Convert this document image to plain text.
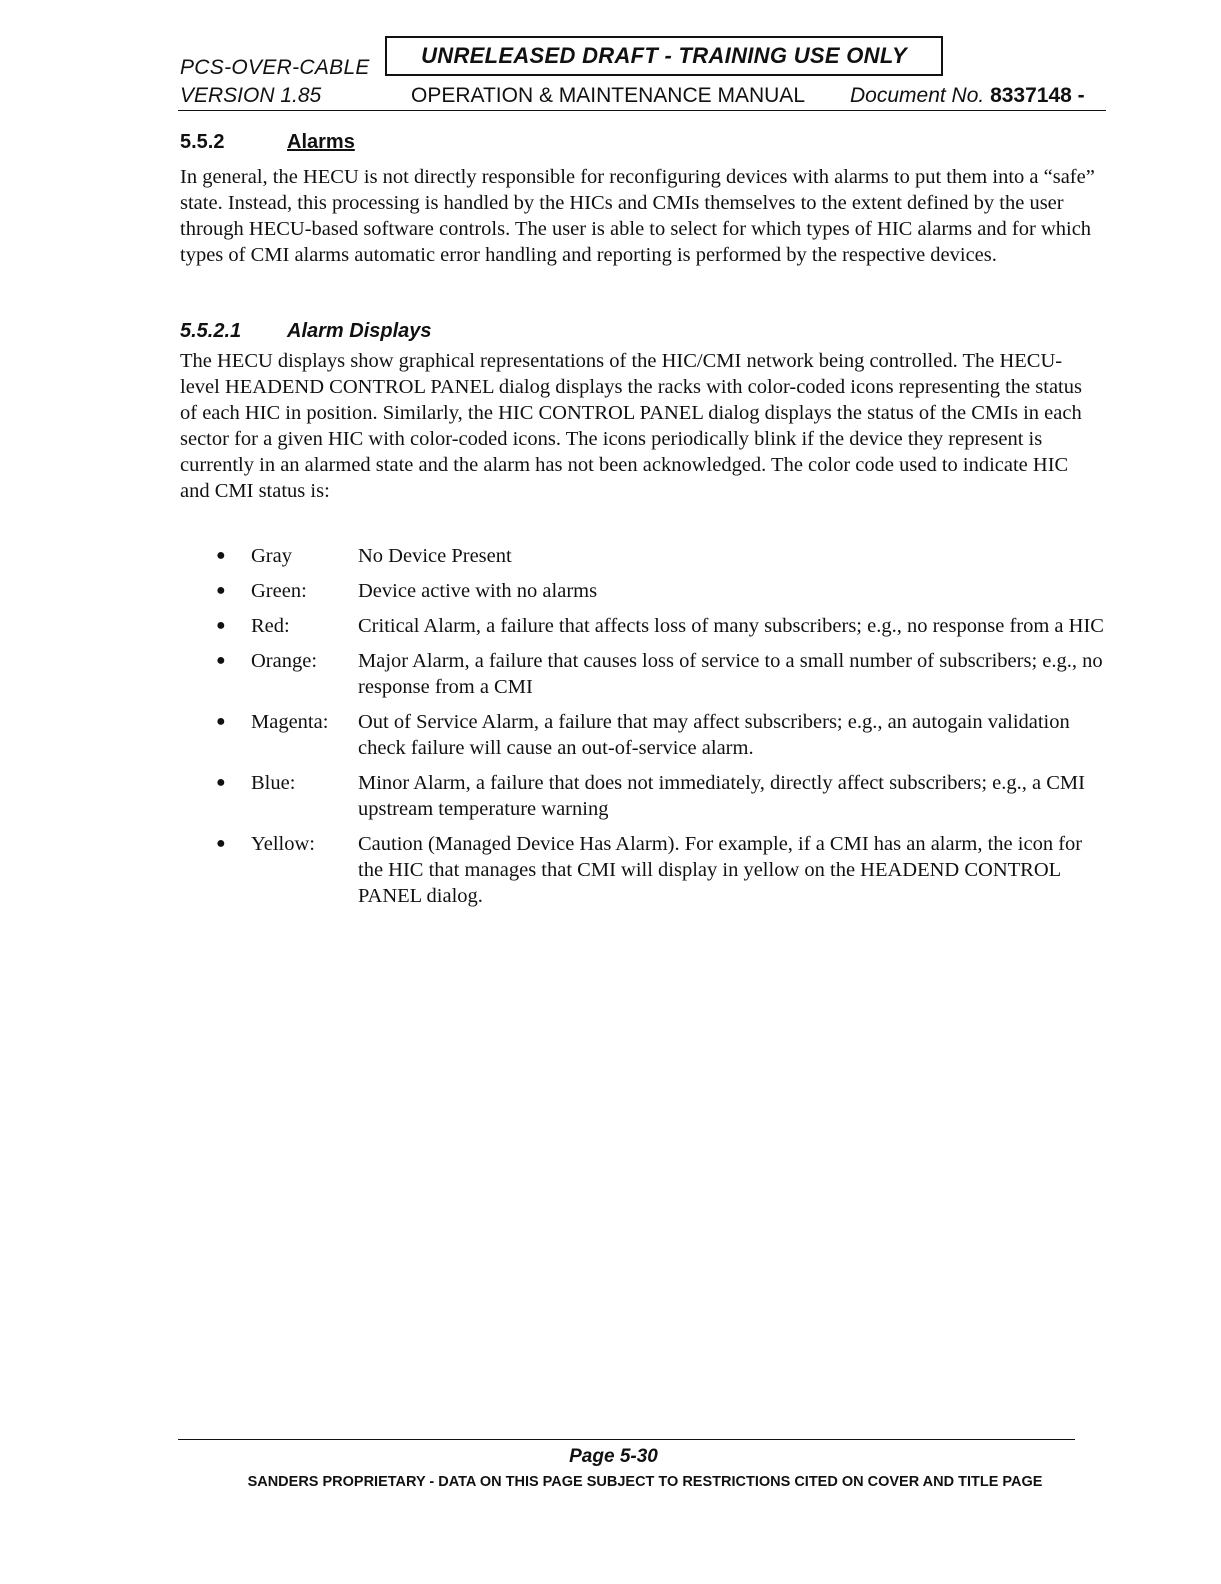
PCS-OVER-CABLE
VERSION 1.85
UNRELEASED DRAFT - TRAINING USE ONLY
OPERATION & MAINTENANCE MANUAL Document No. 8337148 -
5.5.2	Alarms
In general, the HECU is not directly responsible for reconfiguring devices with alarms to put them into a “safe” state. Instead, this processing is handled by the HICs and CMIs themselves to the extent defined by the user through HECU-based software controls. The user is able to select for which types of HIC alarms and for which types of CMI alarms automatic error handling and reporting is performed by the respective devices.
5.5.2.1 Alarm Displays
The HECU displays show graphical representations of the HIC/CMI network being controlled. The HECU-level HEADEND CONTROL PANEL dialog displays the racks with color-coded icons representing the status of each HIC in position. Similarly, the HIC CONTROL PANEL dialog displays the status of the CMIs in each sector for a given HIC with color-coded icons. The icons periodically blink if the device they represent is currently in an alarmed state and the alarm has not been acknowledged. The color code used to indicate HIC and CMI status is:
● Gray	No Device Present
● Green: Device active with no alarms
● Red:	Critical Alarm, a failure that affects loss of many subscribers; e.g., no response from a HIC
● Orange: Major Alarm, a failure that causes loss of service to a small number of subscribers; e.g., no response from a CMI
● Magenta: Out of Service Alarm, a failure that may affect subscribers; e.g., an autogain validation check failure will cause an out-of-service alarm.
● Blue:	Minor Alarm, a failure that does not immediately, directly affect subscribers; e.g., a CMI upstream temperature warning
● Yellow: Caution (Managed Device Has Alarm). For example, if a CMI has an alarm, the icon for the HIC that manages that CMI will display in yellow on the HEADEND CONTROL PANEL dialog.
Page 5-30
SANDERS PROPRIETARY - DATA ON THIS PAGE SUBJECT TO RESTRICTIONS CITED ON COVER AND TITLE PAGE
